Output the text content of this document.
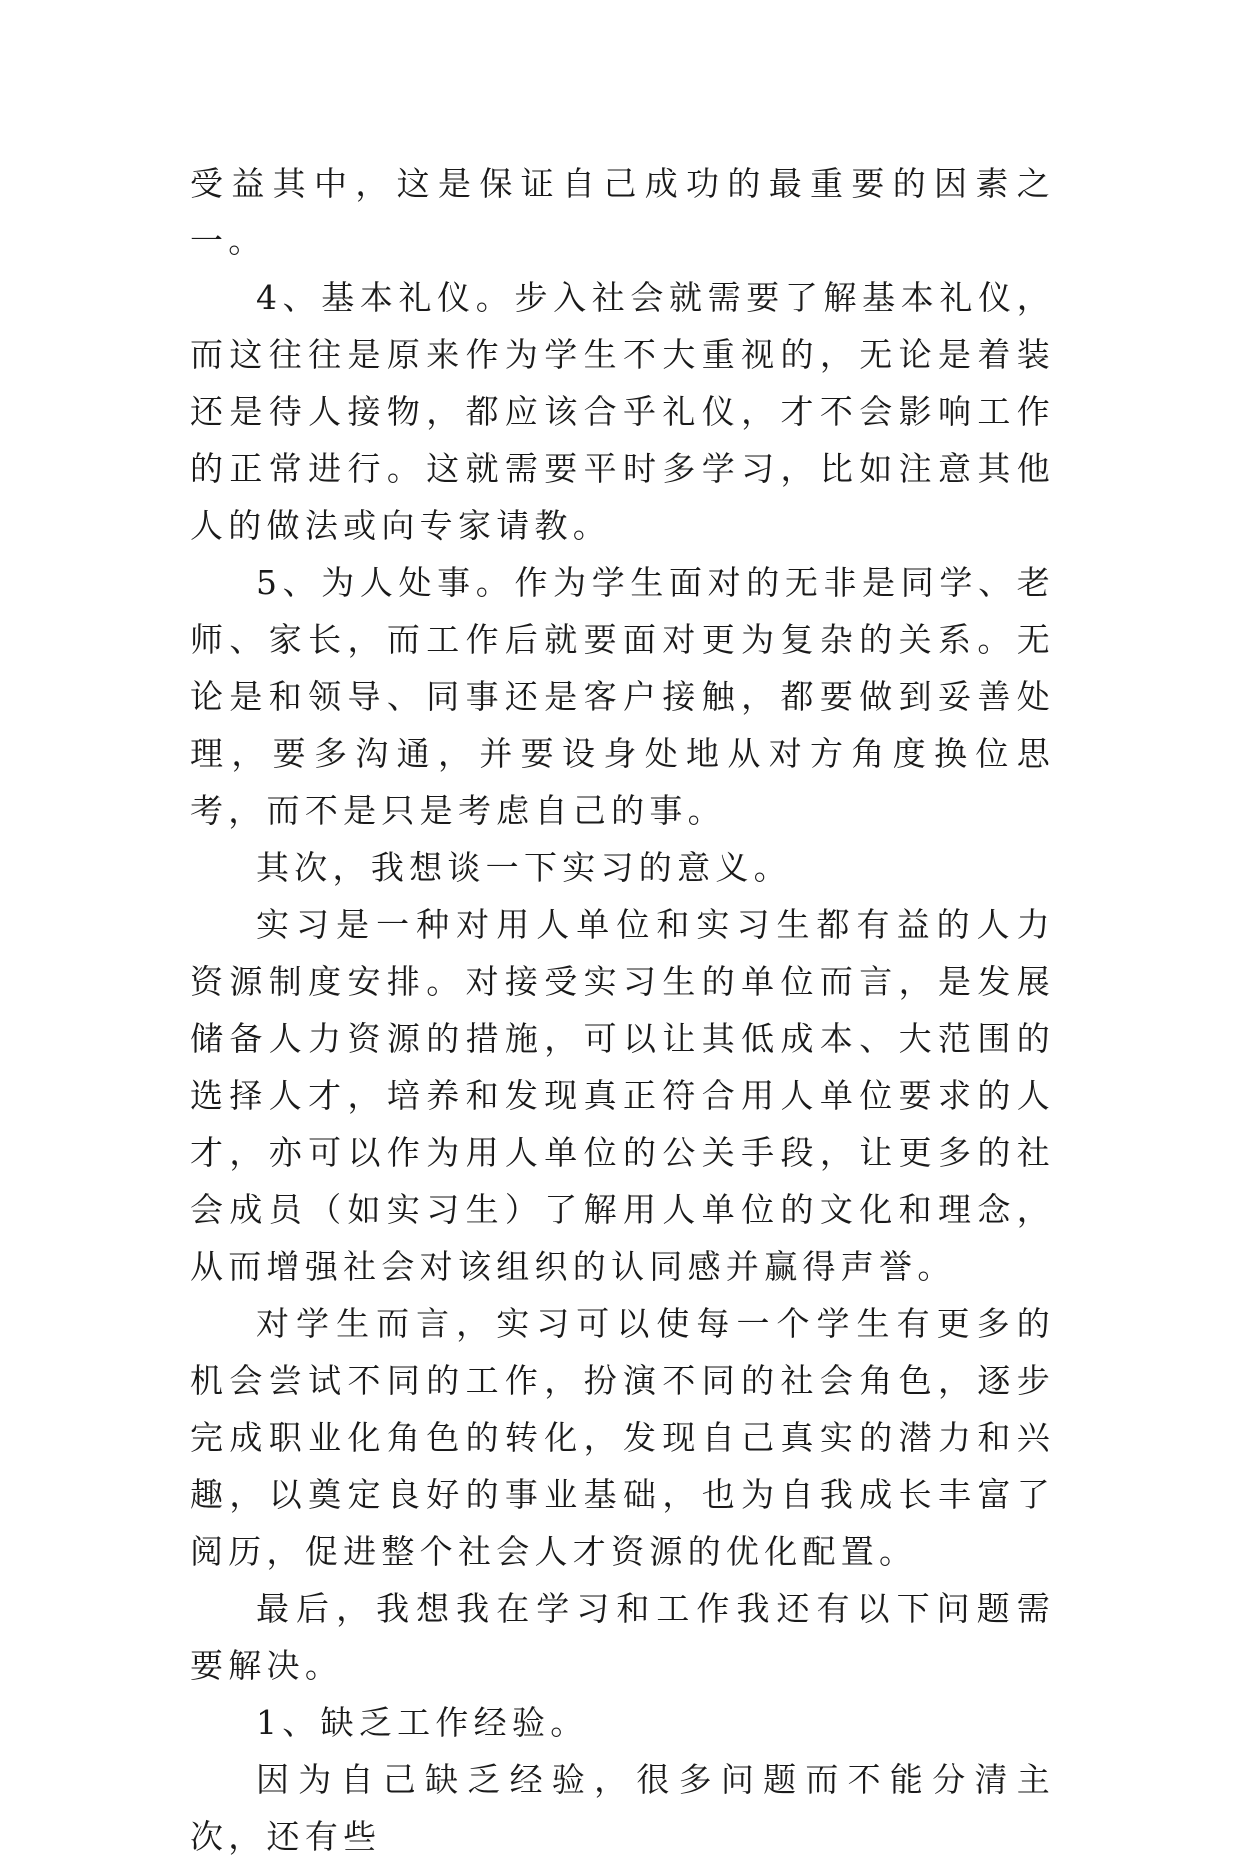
受益其中，这是保证自己成功的最重要的因素之一。

4、基本礼仪。步入社会就需要了解基本礼仪，而这往往是原来作为学生不大重视的，无论是着装还是待人接物，都应该合乎礼仪，才不会影响工作的正常进行。这就需要平时多学习，比如注意其他人的做法或向专家请教。

5、为人处事。作为学生面对的无非是同学、老师、家长，而工作后就要面对更为复杂的关系。无论是和领导、同事还是客户接触，都要做到妥善处理，要多沟通，并要设身处地从对方角度换位思考，而不是只是考虑自己的事。

其次，我想谈一下实习的意义。

实习是一种对用人单位和实习生都有益的人力资源制度安排。对接受实习生的单位而言，是发展储备人力资源的措施，可以让其低成本、大范围的选择人才，培养和发现真正符合用人单位要求的人才，亦可以作为用人单位的公关手段，让更多的社会成员（如实习生）了解用人单位的文化和理念，从而增强社会对该组织的认同感并赢得声誉。

对学生而言，实习可以使每一个学生有更多的机会尝试不同的工作，扮演不同的社会角色，逐步完成职业化角色的转化，发现自己真实的潜力和兴趣，以奠定良好的事业基础，也为自我成长丰富了阅历，促进整个社会人才资源的优化配置。

最后，我想我在学习和工作我还有以下问题需要解决。

1、缺乏工作经验。

因为自己缺乏经验，很多问题而不能分清主次，还有些
